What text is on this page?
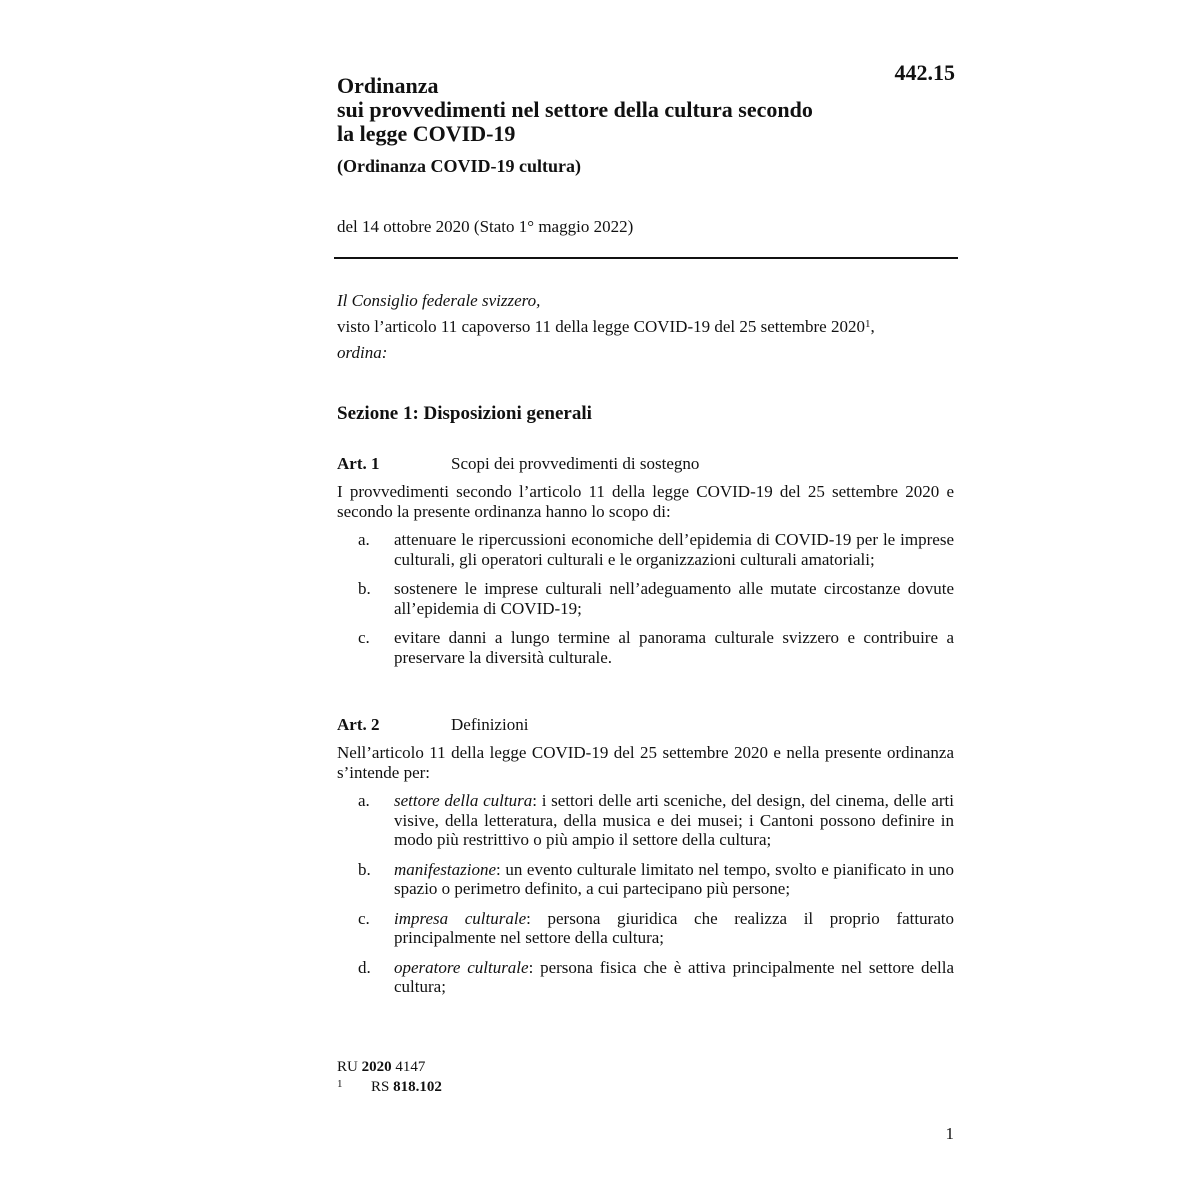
442.15
Ordinanza
sui provvedimenti nel settore della cultura secondo
la legge COVID-19
(Ordinanza COVID-19 cultura)
del 14 ottobre 2020 (Stato 1° maggio 2022)
Il Consiglio federale svizzero,
visto l’articolo 11 capoverso 11 della legge COVID-19 del 25 settembre 2020$^1$,
ordina:
Sezione 1: Disposizioni generali
Art. 1	Scopi dei provvedimenti di sostegno
I provvedimenti secondo l’articolo 11 della legge COVID-19 del 25 settembre 2020 e secondo la presente ordinanza hanno lo scopo di:
a. attenuare le ripercussioni economiche dell’epidemia di COVID-19 per le imprese culturali, gli operatori culturali e le organizzazioni culturali amatoriali;
b. sostenere le imprese culturali nell’adeguamento alle mutate circostanze dovute all’epidemia di COVID-19;
c. evitare danni a lungo termine al panorama culturale svizzero e contribuire a preservare la diversità culturale.
Art. 2	Definizioni
Nell’articolo 11 della legge COVID-19 del 25 settembre 2020 e nella presente ordinanza s’intende per:
a. settore della cultura: i settori delle arti sceniche, del design, del cinema, delle arti visive, della letteratura, della musica e dei musei; i Cantoni possono definire in modo più restrittivo o più ampio il settore della cultura;
b. manifestazione: un evento culturale limitato nel tempo, svolto e pianificato in uno spazio o perimetro definito, a cui partecipano più persone;
c. impresa culturale: persona giuridica che realizza il proprio fatturato principalmente nel settore della cultura;
d. operatore culturale: persona fisica che è attiva principalmente nel settore della cultura;
RU 2020 4147
1 RS 818.102
1
